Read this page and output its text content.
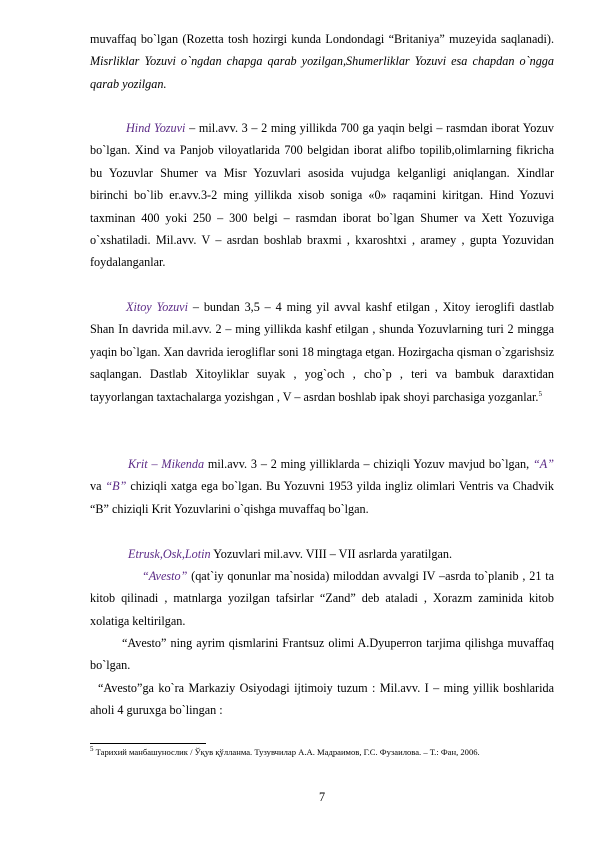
muvaffaq bo`lgan (Rozetta tosh hozirgi kunda Londondagi “Britaniya” muzeyida saqlanadi). Misrliklar Yozuvi o`ngdan chapga qarab yozilgan,Shumerliklar Yozuvi esa chapdan o`ngga qarab yozilgan.

Hind Yozuvi – mil.avv. 3 – 2 ming yillikda 700 ga yaqin belgi – rasmdan iborat Yozuv bo`lgan. Xind va Panjob viloyatlarida 700 belgidan iborat alifbo topilib,olimlarning fikricha bu Yozuvlar Shumer va Misr Yozuvlari asosida vujudga kelganligi aniqlangan. Xindlar birinchi bo`lib er.avv.3-2 ming yillikda xisob soniga «0» raqamini kiritgan. Hind Yozuvi taxminan 400 yoki 250 – 300 belgi – rasmdan iborat bo`lgan Shumer va Xett Yozuviga o`xshatiladi. Mil.avv. V – asrdan boshlab braxmi , kxaroshtxi , aramey , gupta Yozuvidan foydalanganlar.

Xitoy Yozuvi – bundan 3,5 – 4 ming yil avval kashf etilgan , Xitoy ieroglifi dastlab Shan In davrida mil.avv. 2 – ming yillikda kashf etilgan , shunda Yozuvlarning turi 2 mingga yaqin bo`lgan. Xan davrida ierogliflar soni 18 mingtaga etgan. Hozirgacha qisman o`zgarishsiz saqlangan. Dastlab Xitoyliklar suyak , yog`och , cho`p , teri va bambuk daraxtidan tayyorlangan taxtachalarga yozishgan , V – asrdan boshlab ipak shoyi parchasiga yozganlar.$^5$

Krit – Mikenda mil.avv. 3 – 2 ming yilliklarda – chiziqli Yozuv mavjud bo`lgan, “A” va “B” chiziqli xatga ega bo`lgan. Bu Yozuvni 1953 yilda ingliz olimlari Ventris va Chadvik “B” chiziqli Krit Yozuvlarini o`qishga muvaffaq bo`lgan.

Etrusk,Osk,Lotin Yozuvlari mil.avv. VIII – VII asrlarda yaratilgan.

“Avesto” (qat`iy qonunlar ma`nosida) miloddan avvalgi IV –asrda to`planib , 21 ta kitob qilinadi , matnlarga yozilgan tafsirlar “Zand” deb ataladi , Xorazm zaminida kitob xolatiga keltirilgan.

“Avesto” ning ayrim qismlarini Frantsuz olimi A.Dyuperron tarjima qilishga muvaffaq bo`lgan.

“Avesto”ga ko`ra Markaziy Osiyodagi ijtimoiy tuzum : Mil.avv. I – ming yillik boshlarida aholi 4 guruxga bo`lingan :

$^5$ Тарихий манбашунослик / Ўқув қўлланма. Тузувчилар А.А. Мадраимов, Г.С. Фузаилова. – Т.: Фан, 2006.

7
